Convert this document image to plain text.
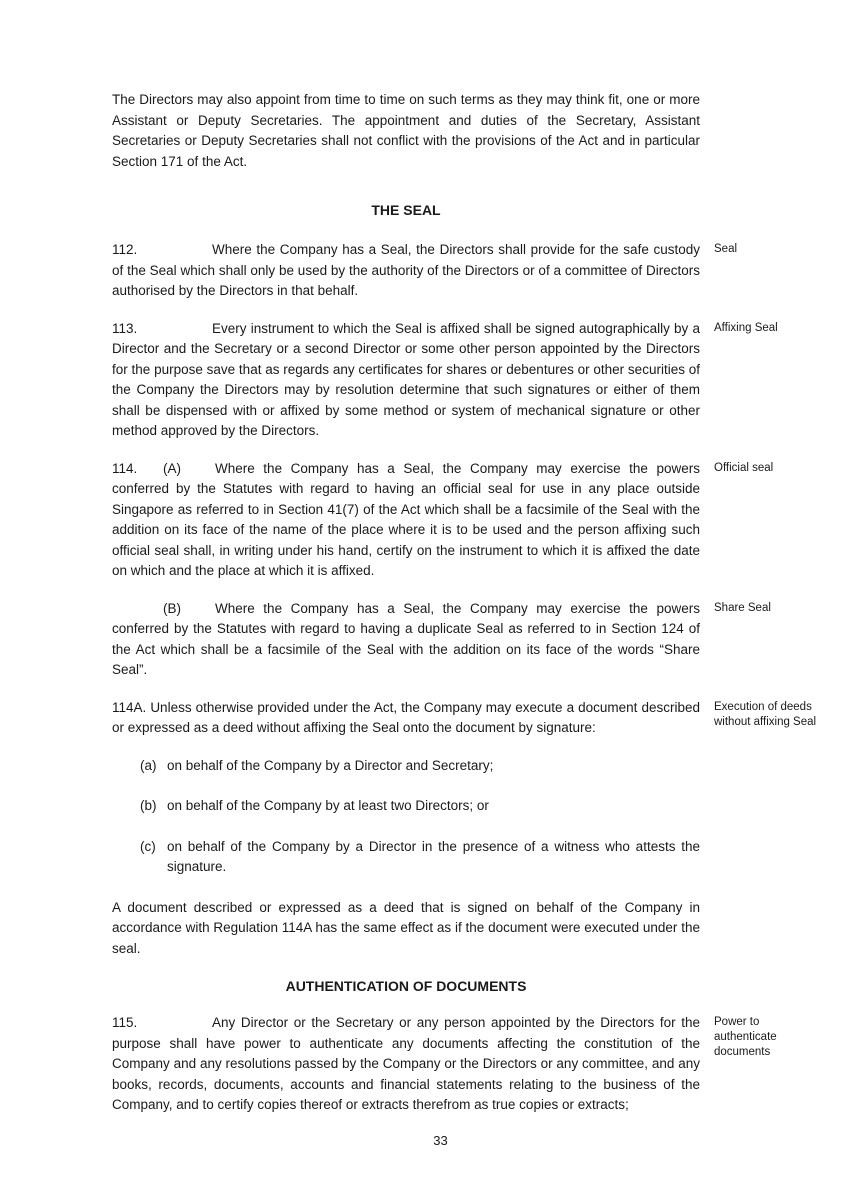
The Directors may also appoint from time to time on such terms as they may think fit, one or more Assistant or Deputy Secretaries. The appointment and duties of the Secretary, Assistant Secretaries or Deputy Secretaries shall not conflict with the provisions of the Act and in particular Section 171 of the Act.
THE SEAL
112.	Where the Company has a Seal, the Directors shall provide for the safe custody of the Seal which shall only be used by the authority of the Directors or of a committee of Directors authorised by the Directors in that behalf.
Seal
113.	Every instrument to which the Seal is affixed shall be signed autographically by a Director and the Secretary or a second Director or some other person appointed by the Directors for the purpose save that as regards any certificates for shares or debentures or other securities of the Company the Directors may by resolution determine that such signatures or either of them shall be dispensed with or affixed by some method or system of mechanical signature or other method approved by the Directors.
Affixing Seal
114. (A)	Where the Company has a Seal, the Company may exercise the powers conferred by the Statutes with regard to having an official seal for use in any place outside Singapore as referred to in Section 41(7) of the Act which shall be a facsimile of the Seal with the addition on its face of the name of the place where it is to be used and the person affixing such official seal shall, in writing under his hand, certify on the instrument to which it is affixed the date on which and the place at which it is affixed.
Official seal
(B)	Where the Company has a Seal, the Company may exercise the powers conferred by the Statutes with regard to having a duplicate Seal as referred to in Section 124 of the Act which shall be a facsimile of the Seal with the addition on its face of the words “Share Seal”.
Share Seal
114A. Unless otherwise provided under the Act, the Company may execute a document described or expressed as a deed without affixing the Seal onto the document by signature:
Execution of deeds without affixing Seal
(a) on behalf of the Company by a Director and Secretary;
(b) on behalf of the Company by at least two Directors; or
(c) on behalf of the Company by a Director in the presence of a witness who attests the signature.
A document described or expressed as a deed that is signed on behalf of the Company in accordance with Regulation 114A has the same effect as if the document were executed under the seal.
AUTHENTICATION OF DOCUMENTS
115.	Any Director or the Secretary or any person appointed by the Directors for the purpose shall have power to authenticate any documents affecting the constitution of the Company and any resolutions passed by the Company or the Directors or any committee, and any books, records, documents, accounts and financial statements relating to the business of the Company, and to certify copies thereof or extracts therefrom as true copies or extracts;
Power to authenticate documents
33
